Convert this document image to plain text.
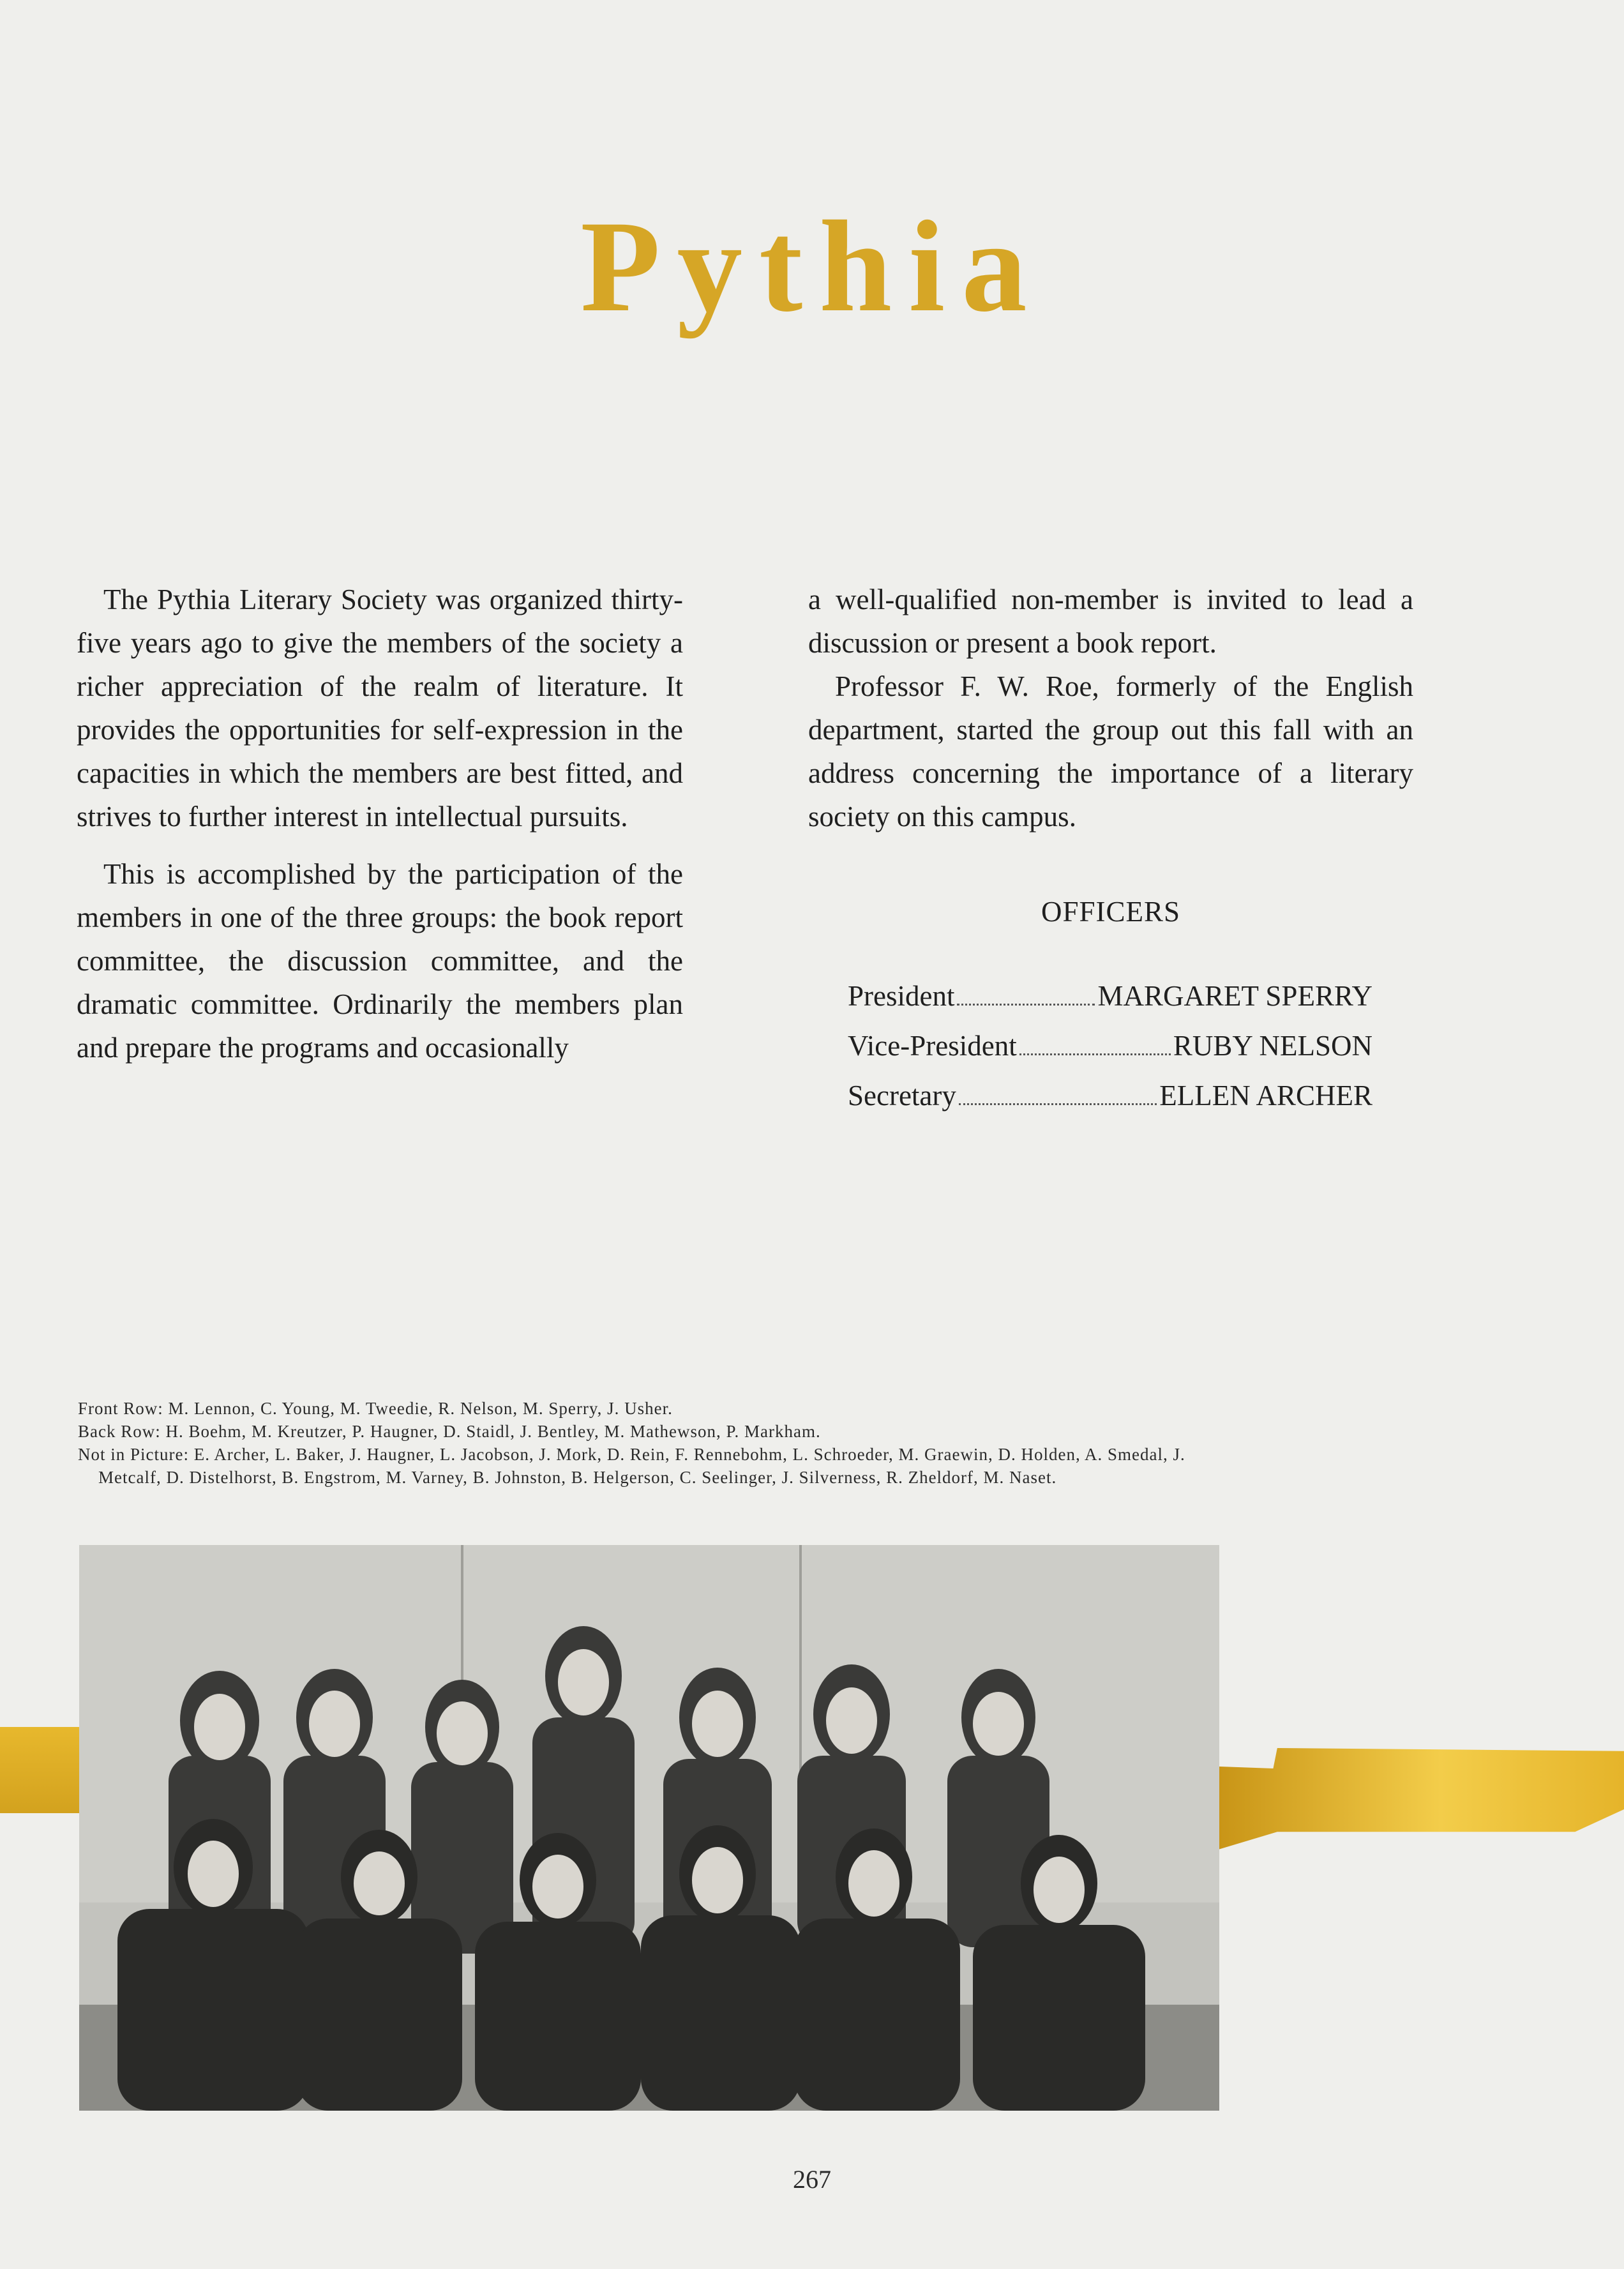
Pythia

The Pythia Literary Society was organized thirty-five years ago to give the members of the society a richer appreciation of the realm of literature. It provides the opportunities for self-expression in the capacities in which the members are best fitted, and strives to further interest in intellectual pursuits.

This is accomplished by the participation of the members in one of the three groups: the book report committee, the discussion committee, and the dramatic committee. Ordinarily the members plan and prepare the programs and occasionally

a well-qualified non-member is invited to lead a discussion or present a book report.

Professor F. W. Roe, formerly of the English department, started the group out this fall with an address concerning the importance of a literary society on this campus.

OFFICERS
President	MARGARET SPERRY
Vice-President	RUBY NELSON
Secretary	ELLEN ARCHER
Front Row: M. Lennon, C. Young, M. Tweedie, R. Nelson, M. Sperry, J. Usher.
Back Row: H. Boehm, M. Kreutzer, P. Haugner, D. Staidl, J. Bentley, M. Mathewson, P. Markham.
Not in Picture: E. Archer, L. Baker, J. Haugner, L. Jacobson, J. Mork, D. Rein, F. Rennebohm, L. Schroeder, M. Graewin, D. Holden, A. Smedal, J. Metcalf, D. Distelhorst, B. Engstrom, M. Varney, B. Johnston, B. Helgerson, C. Seelinger, J. Silverness, R. Zheldorf, M. Naset.
267
